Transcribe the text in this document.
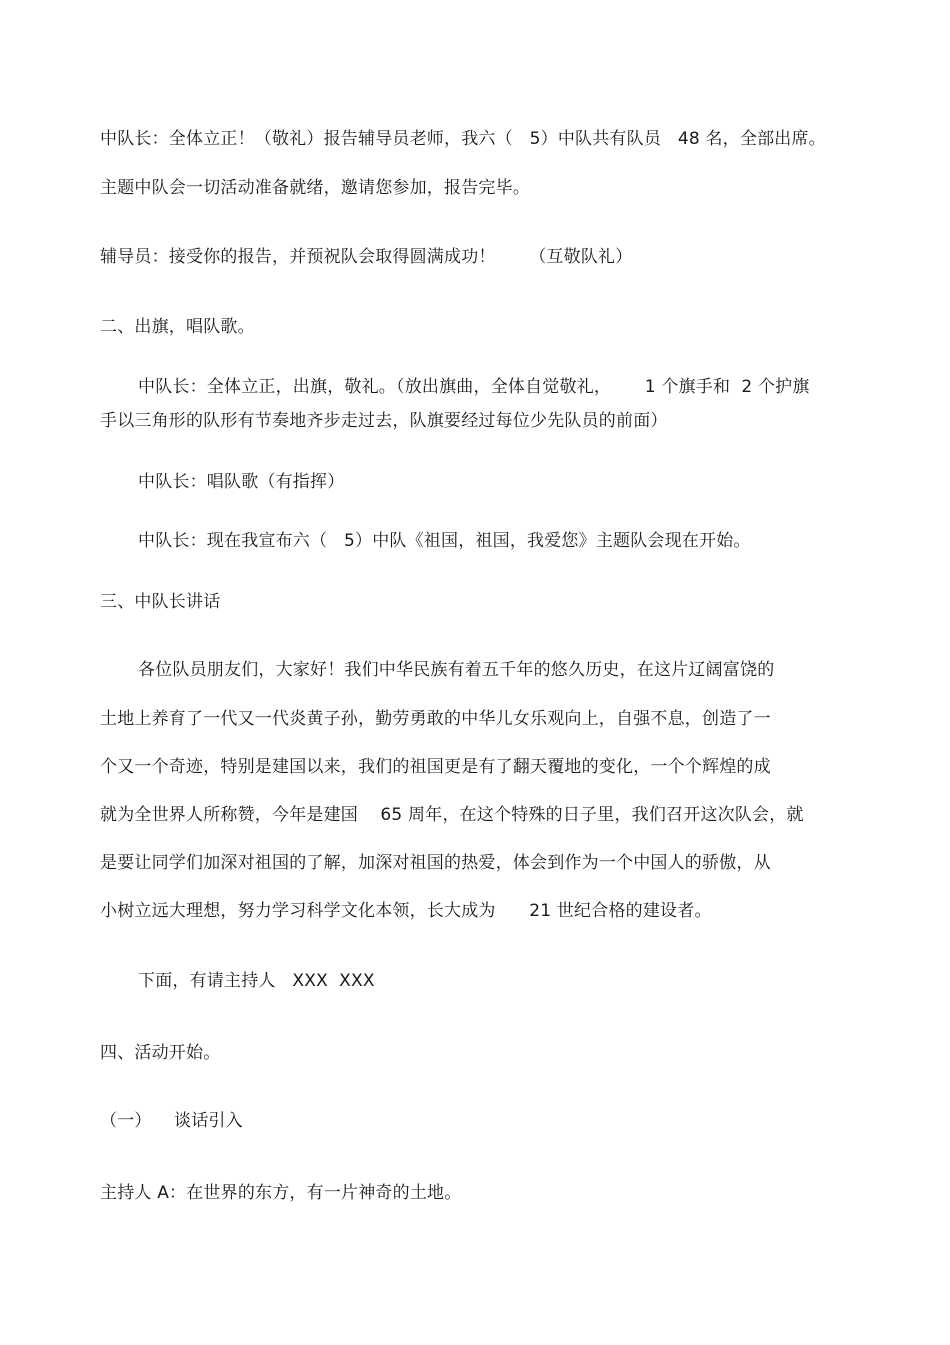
中队长：全体立正！（敬礼）报告辅导员老师，我六（   5）中队共有队员   48 名，全部出席。
主题中队会一切活动准备就绪，邀请您参加，报告完毕。
辅导员：接受你的报告，并预祝队会取得圆满成功！      （互敬队礼）
二、出旗，唱队歌。
中队长：全体立正，出旗，敬礼。（放出旗曲，全体自觉敬礼，      1 个旗手和  2 个护旗
手以三角形的队形有节奏地齐步走过去，队旗要经过每位少先队员的前面）
中队长：唱队歌（有指挥）
中队长：现在我宣布六（   5）中队《祖国，祖国，我爱您》主题队会现在开始。
三、中队长讲话
各位队员朋友们，大家好！我们中华民族有着五千年的悠久历史，在这片辽阔富饶的
土地上养育了一代又一代炎黄子孙，勤劳勇敢的中华儿女乐观向上，自强不息，创造了一
个又一个奇迹，特别是建国以来，我们的祖国更是有了翻天覆地的变化，一个个辉煌的成
就为全世界人所称赞，今年是建国    65 周年，在这个特殊的日子里，我们召开这次队会，就
是要让同学们加深对祖国的了解，加深对祖国的热爱，体会到作为一个中国人的骄傲，从
小树立远大理想，努力学习科学文化本领，长大成为      21 世纪合格的建设者。
下面，有请主持人   XXX  XXX
四、活动开始。
（一）    谈话引入
主持人 A：在世界的东方，有一片神奇的土地。
